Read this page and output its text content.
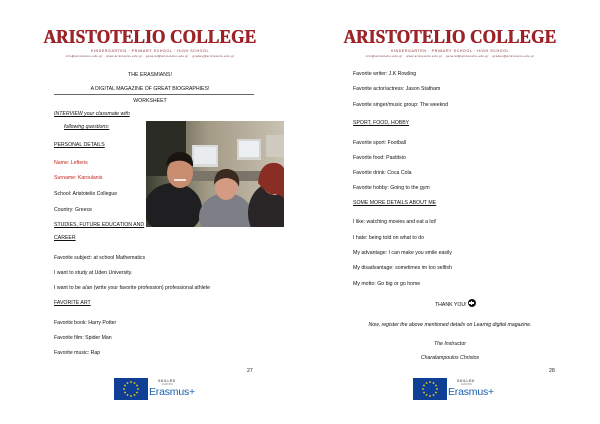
ARISTOTELIO COLLEGE
KINDERGARTEN · PRIMARY SCHOOL · HIGH SCHOOL
info@aristotelio.edu.gr · www.aristotelio.edu.gr · general@aristotelio.edu.gr · grades@aristotelio.edu.gr
THE ERASMIANS!
A DIGITAL MAGAZINE OF GREAT BIOGRAPHIES!
WORKSHEET
INTERVIEW your classmate with
following questions:
PERSONAL DETAILS
Name: Lefteris
Surname: Karoulanis
School: Aristotelio Collegue
Country: Greece
STUDIES, FUTURE EDUCATION AND
CAREER
Favorite subject: at school Mathematics
I want to study at Uden University.
I want to be a/an (write your favorite profession) professional athlete
FAVORITE ART
Favorite book: Harry Potter
Favorite film: Spider Man
Favorite music: Rap
27
SKILLED
EUROPE
Erasmus+
ARISTOTELIO COLLEGE
KINDERGARTEN · PRIMARY SCHOOL · HIGH SCHOOL
info@aristotelio.edu.gr · www.aristotelio.edu.gr · general@aristotelio.edu.gr · grades@aristotelio.edu.gr
Favorite writer: J.K Rowling
Favorite actor/actress: Jason Statham
Favorite singer/music group: The weeknd
SPORT, FOOD, HOBBY
Favorite sport: Football
Favorite food: Pastitsio
Favorite drink: Coca Cola
Favorite hobby: Going to the gym
SOME MORE DETAILS ABOUT ME
I like: watching movies and eat a lot!
I hate: being told on what to do
My advantage: I can make you smile easily
My disadvantage: sometimes im too selfish
My motto: Go big or go home
THANK YOU!
Now, register the above mentioned details on Learnig digital magazine.
The Instructor
Charalampoulos Christos
28
SKILLED
EUROPE
Erasmus+
